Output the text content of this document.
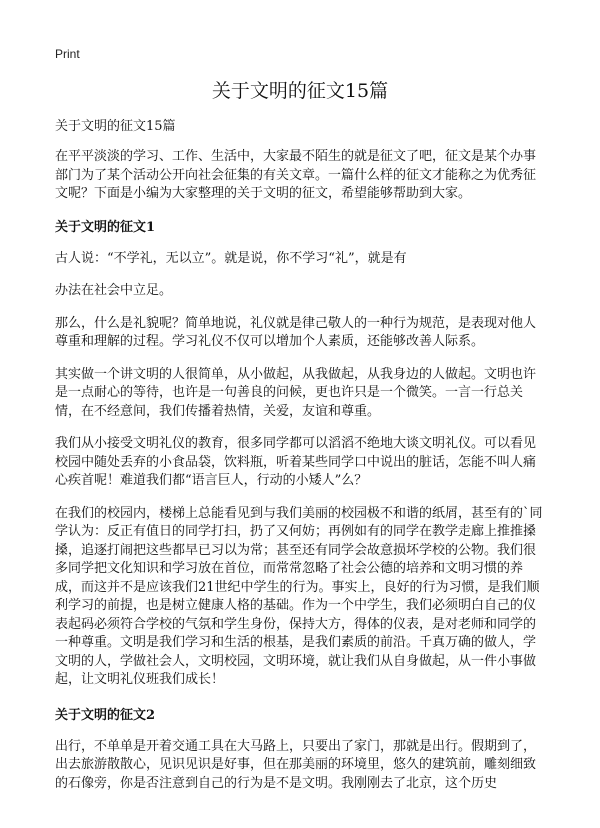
Print
关于文明的征文15篇

关于文明的征文15篇

在平平淡淡的学习、工作、生活中，大家最不陌生的就是征文了吧，征文是某个办事部门为了某个活动公开向社会征集的有关文章。一篇什么样的征文才能称之为优秀征文呢？下面是小编为大家整理的关于文明的征文，希望能够帮助到大家。

关于文明的征文1

古人说：“不学礼，无以立”。就是说，你不学习“礼”，就是有

办法在社会中立足。

那么，什么是礼貌呢？简单地说，礼仪就是律己敬人的一种行为规范，是表现对他人尊重和理解的过程。学习礼仪不仅可以增加个人素质，还能够改善人际系。

其实做一个讲文明的人很简单，从小做起，从我做起，从我身边的人做起。文明也许是一点耐心的等待，也许是一句善良的问候，更也许只是一个微笑。一言一行总关情，在不经意间，我们传播着热情，关爱，友谊和尊重。

我们从小接受文明礼仪的教育，很多同学都可以滔滔不绝地大谈文明礼仪。可以看见校园中随处丢弃的小食品袋，饮料瓶，听着某些同学口中说出的脏话，怎能不叫人痛心疾首呢！难道我们都“语言巨人，行动的小矮人”么？

在我们的校园内，楼梯上总能看见到与我们美丽的校园极不和谐的纸屑，甚至有的`同学认为：反正有值日的同学打扫，扔了又何妨；再例如有的同学在教学走廊上推推搡搡，追逐打闹把这些都早已习以为常；甚至还有同学会故意损坏学校的公物。我们很多同学把文化知识和学习放在首位，而常常忽略了社会公德的培养和文明习惯的养成，而这并不是应该我们21世纪中学生的行为。事实上，良好的行为习惯，是我们顺利学习的前提，也是树立健康人格的基础。作为一个中学生，我们必须明白自己的仪表起码必须符合学校的气氛和学生身份，保持大方，得体的仪表，是对老师和同学的一种尊重。文明是我们学习和生活的根基，是我们素质的前沿。千真万确的做人，学文明的人，学做社会人，文明校园，文明环境，就让我们从自身做起，从一件小事做起，让文明礼仪班我们成长！

关于文明的征文2

出行，不单单是开着交通工具在大马路上，只要出了家门，那就是出行。假期到了，出去旅游散散心，见识见识是好事，但在那美丽的环境里，悠久的建筑前，雕刻细致的石像旁，你是否注意到自己的行为是不是文明。我刚刚去了北京，这个历史
